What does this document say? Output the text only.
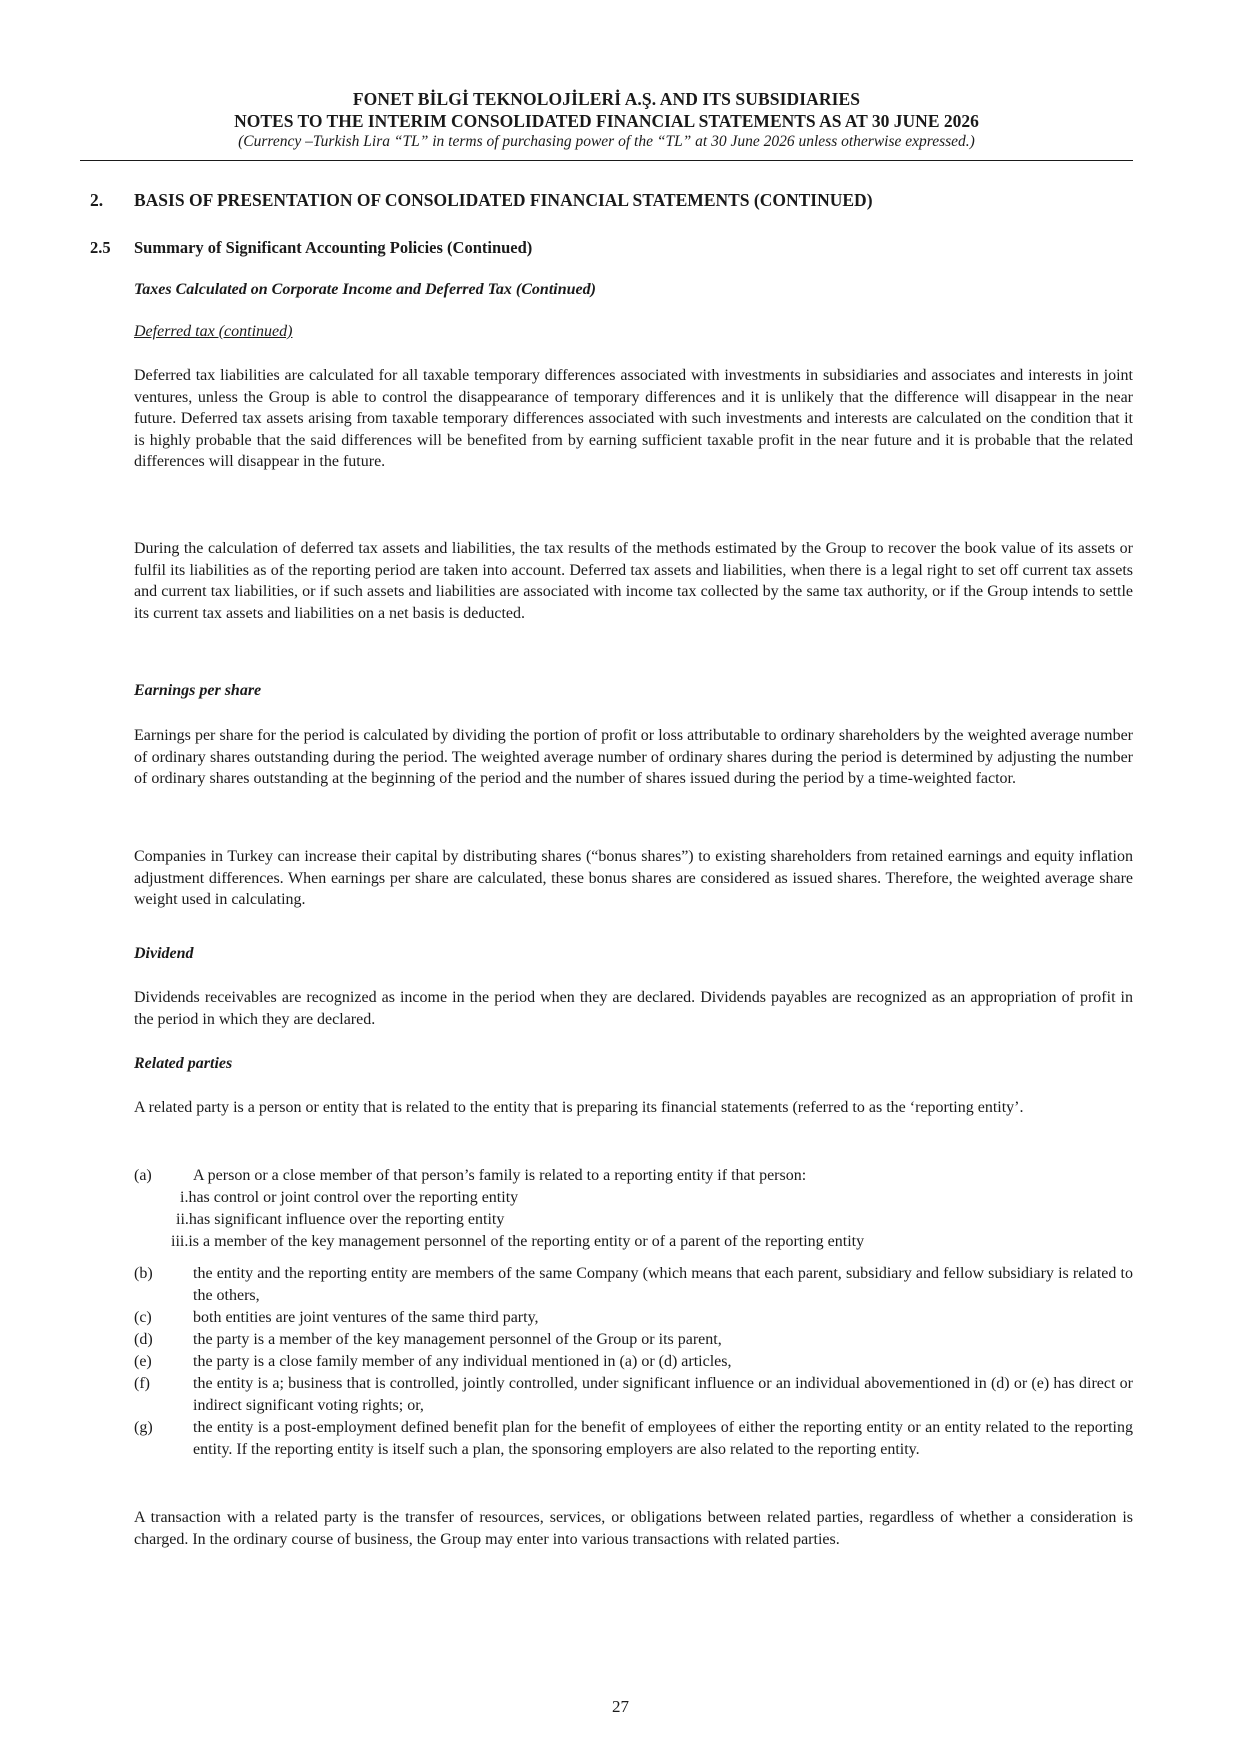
FONET BİLGİ TEKNOLOJİLERİ A.Ş. AND ITS SUBSIDIARIES
NOTES TO THE INTERIM CONSOLIDATED FINANCIAL STATEMENTS AS AT 30 JUNE 2026
(Currency –Turkish Lira “TL” in terms of purchasing power of the “TL” at 30 June 2026 unless otherwise expressed.)
2. BASIS OF PRESENTATION OF CONSOLIDATED FINANCIAL STATEMENTS (CONTINUED)
2.5 Summary of Significant Accounting Policies (Continued)
Taxes Calculated on Corporate Income and Deferred Tax (Continued)
Deferred tax (continued)

Deferred tax liabilities are calculated for all taxable temporary differences associated with investments in subsidiaries and associates and interests in joint ventures, unless the Group is able to control the disappearance of temporary differences and it is unlikely that the difference will disappear in the near future. Deferred tax assets arising from taxable temporary differences associated with such investments and interests are calculated on the condition that it is highly probable that the said differences will be benefited from by earning sufficient taxable profit in the near future and it is probable that the related differences will disappear in the future.

During the calculation of deferred tax assets and liabilities, the tax results of the methods estimated by the Group to recover the book value of its assets or fulfil its liabilities as of the reporting period are taken into account. Deferred tax assets and liabilities, when there is a legal right to set off current tax assets and current tax liabilities, or if such assets and liabilities are associated with income tax collected by the same tax authority, or if the Group intends to settle its current tax assets and liabilities on a net basis is deducted.

Earnings per share

Earnings per share for the period is calculated by dividing the portion of profit or loss attributable to ordinary shareholders by the weighted average number of ordinary shares outstanding during the period. The weighted average number of ordinary shares during the period is determined by adjusting the number of ordinary shares outstanding at the beginning of the period and the number of shares issued during the period by a time-weighted factor.

Companies in Turkey can increase their capital by distributing shares (“bonus shares”) to existing shareholders from retained earnings and equity inflation adjustment differences. When earnings per share are calculated, these bonus shares are considered as issued shares. Therefore, the weighted average share weight used in calculating.

Dividend

Dividends receivables are recognized as income in the period when they are declared. Dividends payables are recognized as an appropriation of profit in the period in which they are declared.

Related parties

A related party is a person or entity that is related to the entity that is preparing its financial statements (referred to as the ‘reporting entity’.

(a)	A person or a close member of that person’s family is related to a reporting entity if that person:
i.has control or joint control over the reporting entity
ii.has significant influence over the reporting entity
iii.is a member of the key management personnel of the reporting entity or of a parent of the reporting entity
(b)	the entity and the reporting entity are members of the same Company (which means that each parent, subsidiary and fellow subsidiary is related to the others,
(c)	both entities are joint ventures of the same third party,
(d)	the party is a member of the key management personnel of the Group or its parent,
(e)	the party is a close family member of any individual mentioned in (a) or (d) articles,
(f)	the entity is a; business that is controlled, jointly controlled, under significant influence or an individual abovementioned in (d) or (e) has direct or indirect significant voting rights; or,
(g)	the entity is a post-employment defined benefit plan for the benefit of employees of either the reporting entity or an entity related to the reporting entity. If the reporting entity is itself such a plan, the sponsoring employers are also related to the reporting entity.

A transaction with a related party is the transfer of resources, services, or obligations between related parties, regardless of whether a consideration is charged. In the ordinary course of business, the Group may enter into various transactions with related parties.

27
